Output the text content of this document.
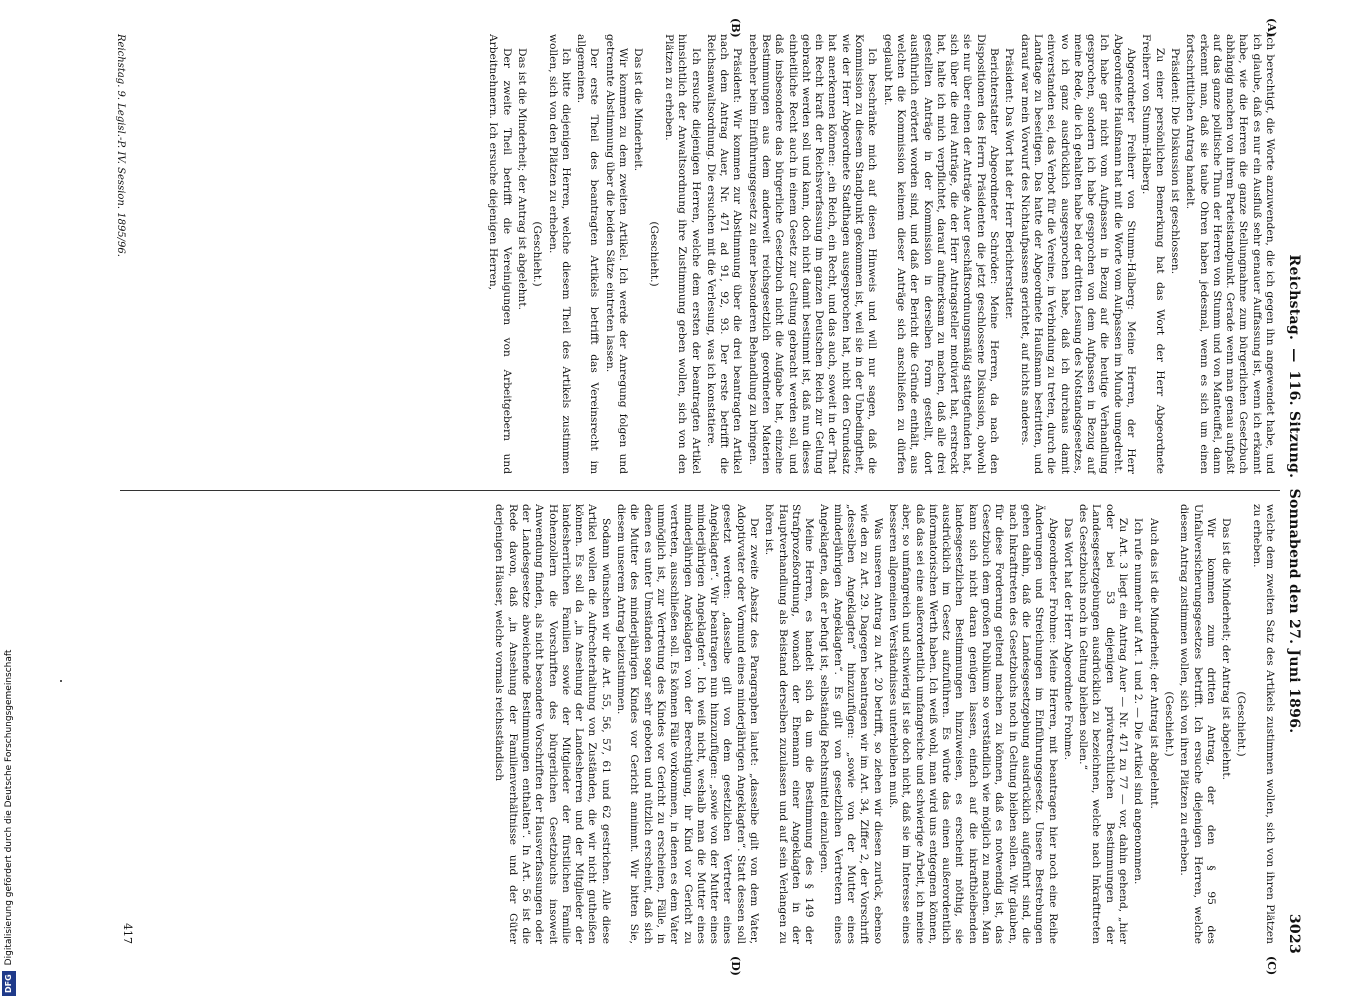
DFGDigitalisierung gefördert durch die Deutsche Forschungsgemeinschaft
Reichstag.—116. Sitzung.  Sonnabend den 27. Juni 1896.
3023
(A)
(B)
(C)
(D)

ich berechtigt, die Worte anzuwenden, die ich gegen ihn angewendet habe, und ich glaube, daß es nur ein Ausfluß sehr genauer Auffassung ist, wenn ich erkannt habe, wie die Herren die ganze Stellungnahme zum bürgerlichen Gesetzbuch abhängig machen von ihrem Parteistandpunkt. Gerade wenn man genau aufpaßt auf das ganze politische Thun der Herren von Stumm und von Manteuffel, dann erkennt man, daß sie taube Ohren haben jedesmal, wenn es sich um einen fortschrittlichen Antrag handelt.

Präsident: Die Diskussion ist geschlossen.

Zu einer persönlichen Bemerkung hat das Wort der Herr Abgeordnete Freiherr von Stumm-Halberg.

Abgeordneter Freiherr von Stumm-Halberg: Meine Herren, der Herr Abgeordnete Haußmann hat mit die Worte vom Aufpassen im Munde umgedreht. Ich habe gar nicht vom Aufpassen in Bezug auf die heutige Verhandlung gesprochen, sondern ich habe gesprochen von dem Aufpassen in Bezug auf meine Rede, die ich gehalten habe bei der dritten Lesung des Notstandsgesetzes, wo ich ganz ausdrücklich ausgesprochen habe, daß ich durchaus damit einverstanden sei, das Verbot für die Vereine, in Verbindung zu treten, durch die Landtage zu beseitigen. Das hatte der Abgeordnete Haußmann bestritten, und darauf war mein Vorwurf des Nichtaufpassens gerichtet, auf nichts anderes.

Präsident: Das Wort hat der Herr Berichterstatter.

Berichterstatter Abgeordneter Schröder: Meine Herren, da nach den Dispositionen des Herrn Präsidenten die jetzt geschlossene Diskussion, obwohl sie nur über einen der Anträge Auer geschäftsordnungsmäßig stattgefunden hat, sich über die drei Anträge, die der Herr Antragsteller motiviert hat, erstreckt hat, halte ich mich verpflichtet, darauf aufmerksam zu machen, daß alle drei gestellten Anträge in der Kommission in derselben Form gestellt, dort ausführlich erörtert worden sind, und daß der Bericht die Gründe enthält, aus welchen die Kommission keinem dieser Anträge sich anschließen zu dürfen geglaubt hat.

Ich beschränke mich auf diesen Hinweis und will nur sagen, daß die Kommission zu diesem Standpunkt gekommen ist, weil sie in der Unbedingtheit, wie der Herr Abgeordnete Stadthagen ausgesprochen hat, nicht den Grundsatz hat anerkennen können: „ein Reich, ein Recht, und das auch, soweit in der That ein Recht kraft der Reichsverfassung im ganzen Deutschen Reich zur Geltung gebracht werden soll und kann, doch nicht damit bestimmt ist, daß nun dieses einheitliche Recht auch in einem Gesetz zur Geltung gebracht werden soll, und daß insbesondere das bürgerliche Gesetzbuch nicht die Aufgabe hat, einzelne Bestimmungen aus dem anderweit reichsgesetzlich geordneten Materien nebenher beim Einführungsgesetz zu einer besonderen Behandlung zu bringen.

Präsident: Wir kommen zur Abstimmung über die drei beantragten Artikel nach dem Antrag Auer, Nr. 471 ad 91, 92, 93. Der erste betrifft die Reichsanwaltsordnung. Die ersuchen mit die Verlesung, was ich konstatiere.

Ich ersuche diejenigen Herren, welche dem ersten der beantragten Artikel hinsichtlich der Anwaltsordnung ihre Zustimmung geben wollen, sich von den Plätzen zu erheben.

(Geschieht.)

Das ist die Minderheit.

Wir kommen zu dem zweiten Artikel. Ich werde der Anregung folgen und getrennte Abstimmung über die beiden Sätze eintreten lassen.

Der erste Theil des beantragten Artikels betrifft das Vereinsrecht im allgemeinen.

Ich bitte diejenigen Herren, welche diesem Theil des Artikels zustimmen wollen, sich von den Plätzen zu erheben.

(Geschieht.)

Das ist die Minderheit; der Antrag ist abgelehnt.

Der zweite Theil betrifft die Vereinigungen von Arbeitgebern und Arbeitnehmern. Ich ersuche diejenigen Herren,

welche dem zweiten Satz des Artikels zustimmen wollen, sich von ihren Plätzen zu erheben.

(Geschieht.)

Das ist die Minderheit; der Antrag ist abgelehnt.

Wir kommen zum dritten Antrag, der den § 95 des Unfallversicherungsgesetzes betrifft. Ich ersuche diejenigen Herren, welche diesem Antrag zustimmen wollen, sich von ihren Plätzen zu erheben.

(Geschieht.)

Auch das ist die Minderheit; der Antrag ist abgelehnt.

Ich rufe nunmehr auf Art. 1 und 2. — Die Artikel sind angenommen.

Zu Art. 3 liegt ein Antrag Auer — Nr. 471 zu 77 — vor, dahin gehend, „hier oder bei 53 diejenigen privatrechtlichen Bestimmungen der Landesgesetzgebungen ausdrücklich zu bezeichnen, welche nach Inkrafttreten des Gesetzbuchs noch in Geltung bleiben sollen.“

Das Wort hat der Herr Abgeordnete Frohme.

Abgeordneter Frohme: Meine Herren, mit beantragen hier noch eine Reihe Änderungen und Streichungen im Einführungsgesetz. Unsere Bestrebungen gehen dahin, daß die Landesgesetzgebung ausdrücklich aufgeführt sind, die nach Inkrafttreten des Gesetzbuchs noch in Geltung bleiben sollen. Wir glauben, für diese Forderung geltend machen zu können, daß es notwendig ist, das Gesetzbuch dem großen Publikum so verständlich wie möglich zu machen. Man kann sich nicht daran genügen lassen, einfach auf die inkraftbleibenden landesgesetzlichen Bestimmungen hinzuweisen, es erscheint nöthig, sie ausdrücklich im Gesetz aufzuführen. Es würde das einen außerordentlich informatorischen Werth haben. Ich weiß wohl, man wird uns entgegnen können, daß das sei eine außerordentlich umfangreiche und schwierige Arbeit, ich meine aber, so umfangreich und schwierig ist sie doch nicht, daß sie im Interesse eines besseren allgemeinen Verständnisses unterbleiben muß.

Was unseren Antrag zu Art. 20 betrifft, so ziehen wir diesen zurück, ebenso wie den zu Art. 29. Dagegen beantragen wir im Art. 34, Ziffer 2, der Vorschrift „desselben Angeklagten“ hinzuzufügen: „sowie von der Mutter eines minderjährigen Angeklagten“. Es gilt von gesetzlichen Vertretern eines Angeklagten, daß er befugt ist, selbständig Rechtsmittel einzulegen.

Meine Herren, es handelt sich da um die Bestimmung des § 149 der Strafprozeßordnung, wonach der Ehemann einer Angeklagten in der Hauptverhandlung als Beistand derselben zuzulassen und auf sein Verlangen zu hören ist.

Der zweite Absatz des Paragraphen lautet: „dasselbe gilt von dem Vater, Adoptivvater oder Vormund eines minderjährigen Angeklagten“. Statt dessen soll gesetzt werden: „dasselbe gilt von dem gesetzlichen Vertreter eines Angeklagten“. Wir beantragen nun hinzuzufügen: „sowie von der Mutter eines minderjährigen Angeklagten“. Ich weiß nicht, weshalb man die Mutter eines minderjährigen Angeklagten von der Berechtigung, ihr Kind vor Gericht zu vertreten, ausschließen soll. Es können Fälle vorkommen, in denen es dem Vater unmöglich ist, zur Vertretung des Kindes vor Gericht zu erscheinen, Fälle, in denen es unter Umständen sogar sehr geboten und nützlich erscheint, daß sich die Mutter des minderjährigen Kindes vor Gericht annimmt. Wir bitten Sie, diesem unserem Antrag beizustimmen.

Sodann wünschen wir die Art. 55, 56, 57, 61 und 62 gestrichen. Alle diese Artikel wollen die Aufrechterhaltung von Zuständen, die wir nicht gutheißen können. Es soll da „in Ansehung der Landesherren und der Mitglieder der landesherrlichen Familien sowie der Mitglieder der fürstlichen Familie Hohenzollern die Vorschriften des bürgerlichen Gesetzbuchs insoweit Anwendung finden, als nicht besondere Vorschriften der Hausverfassungen oder der Landesgesetze abweichende Bestimmungen enthalten“. In Art. 56 ist die Rede davon, daß „in Ansehung der Familienverhältnisse und der Güter derjenigen Häuser, welche vormals reichsständisch

Reichstag. 9. Legisl.-P. IV. Session. 1895/96.
417
